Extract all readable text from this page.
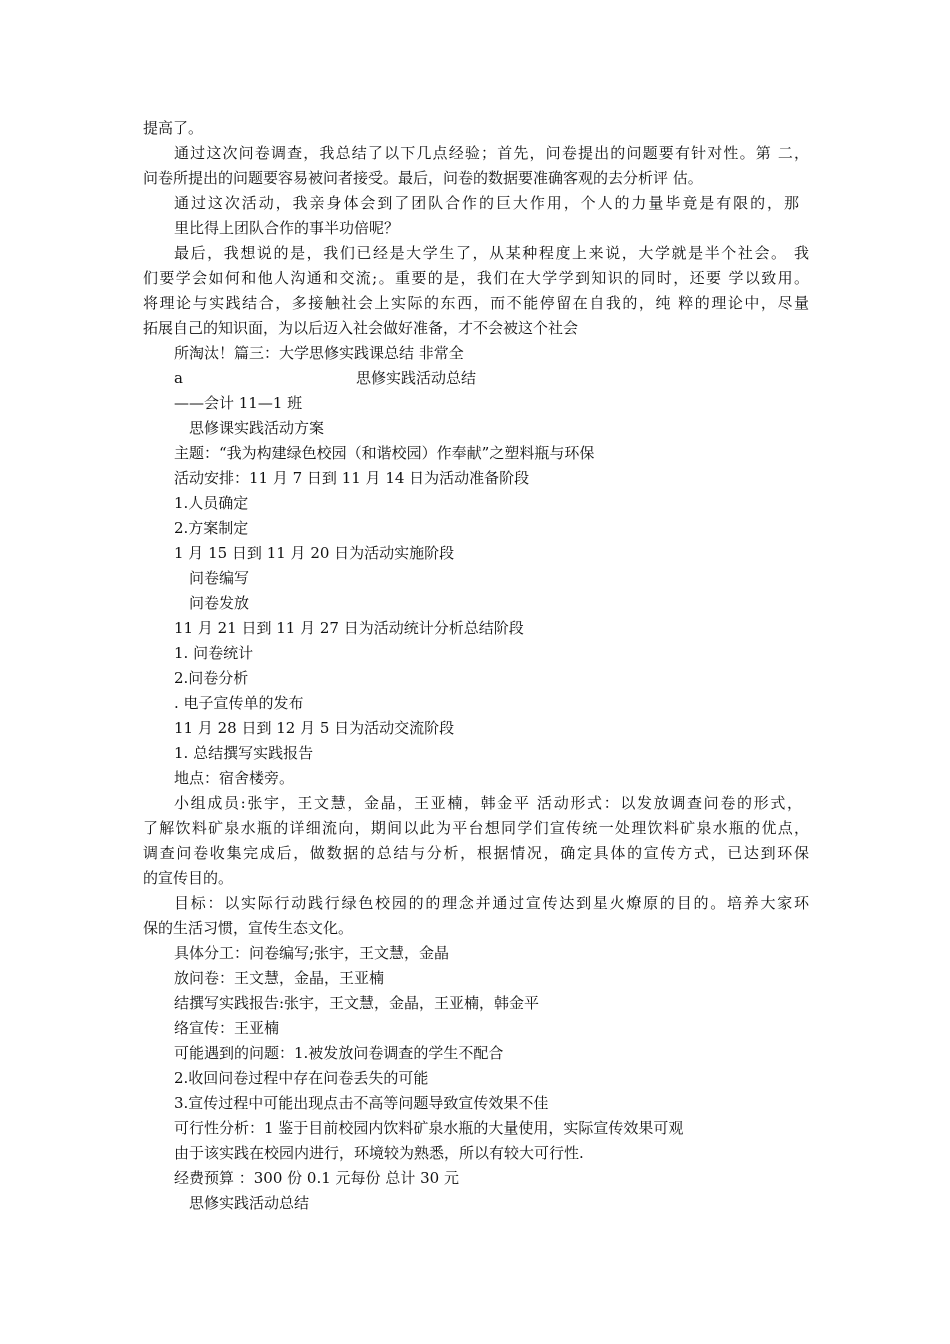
提高了。
通过这次问卷调查，我总结了以下几点经验；首先，问卷提出的问题要有针对性。第 二，
问卷所提出的问题要容易被问者接受。最后，问卷的数据要准确客观的去分析评 估。
通过这次活动，我亲身体会到了团队合作的巨大作用，个人的力量毕竟是有限的，那
里比得上团队合作的事半功倍呢？
最后，我想说的是，我们已经是大学生了，从某种程度上来说，大学就是半个社会。 我
们要学会如何和他人沟通和交流;。重要的是，我们在大学学到知识的同时，还要 学以致用。
将理论与实践结合，多接触社会上实际的东西，而不能停留在自我的，纯 粹的理论中，尽量
拓展自己的知识面，为以后迈入社会做好准备，才不会被这个社会
所淘汰！篇三：大学思修实践课总结 非常全
a	思修实践活动总结
——会计 11—1 班
思修课实践活动方案
主题：“我为构建绿色校园（和谐校园）作奉献”之塑料瓶与环保
活动安排：11 月 7 日到 11 月 14 日为活动准备阶段
1.人员确定
2.方案制定
1 月 15 日到 11 月 20 日为活动实施阶段
问卷编写
问卷发放
11 月 21 日到 11 月 27 日为活动统计分析总结阶段
1. 问卷统计
2.问卷分析
. 电子宣传单的发布
11 月 28 日到 12 月 5 日为活动交流阶段
1. 总结撰写实践报告
地点：宿舍楼旁。
小组成员:张宇，王文慧，金晶，王亚楠，韩金平 活动形式：以发放调查问卷的形式，
了解饮料矿泉水瓶的详细流向，期间以此为平台想同学们宣传统一处理饮料矿泉水瓶的优点，
调查问卷收集完成后，做数据的总结与分析，根据情况，确定具体的宣传方式，已达到环保
的宣传目的。
目标：以实际行动践行绿色校园的的理念并通过宣传达到星火燎原的目的。培养大家环
保的生活习惯，宣传生态文化。
具体分工：问卷编写;张宇，王文慧，金晶
放问卷：王文慧，金晶，王亚楠
结撰写实践报告:张宇，王文慧，金晶，王亚楠，韩金平
络宣传：王亚楠
可能遇到的问题：1.被发放问卷调查的学生不配合
2.收回问卷过程中存在问卷丢失的可能
3.宣传过程中可能出现点击不高等问题导致宣传效果不佳
可行性分析：1 鉴于目前校园内饮料矿泉水瓶的大量使用，实际宣传效果可观
由于该实践在校园内进行，环境较为熟悉，所以有较大可行性.
经费预算 ：300 份 0.1 元每份 总计 30 元
思修实践活动总结
